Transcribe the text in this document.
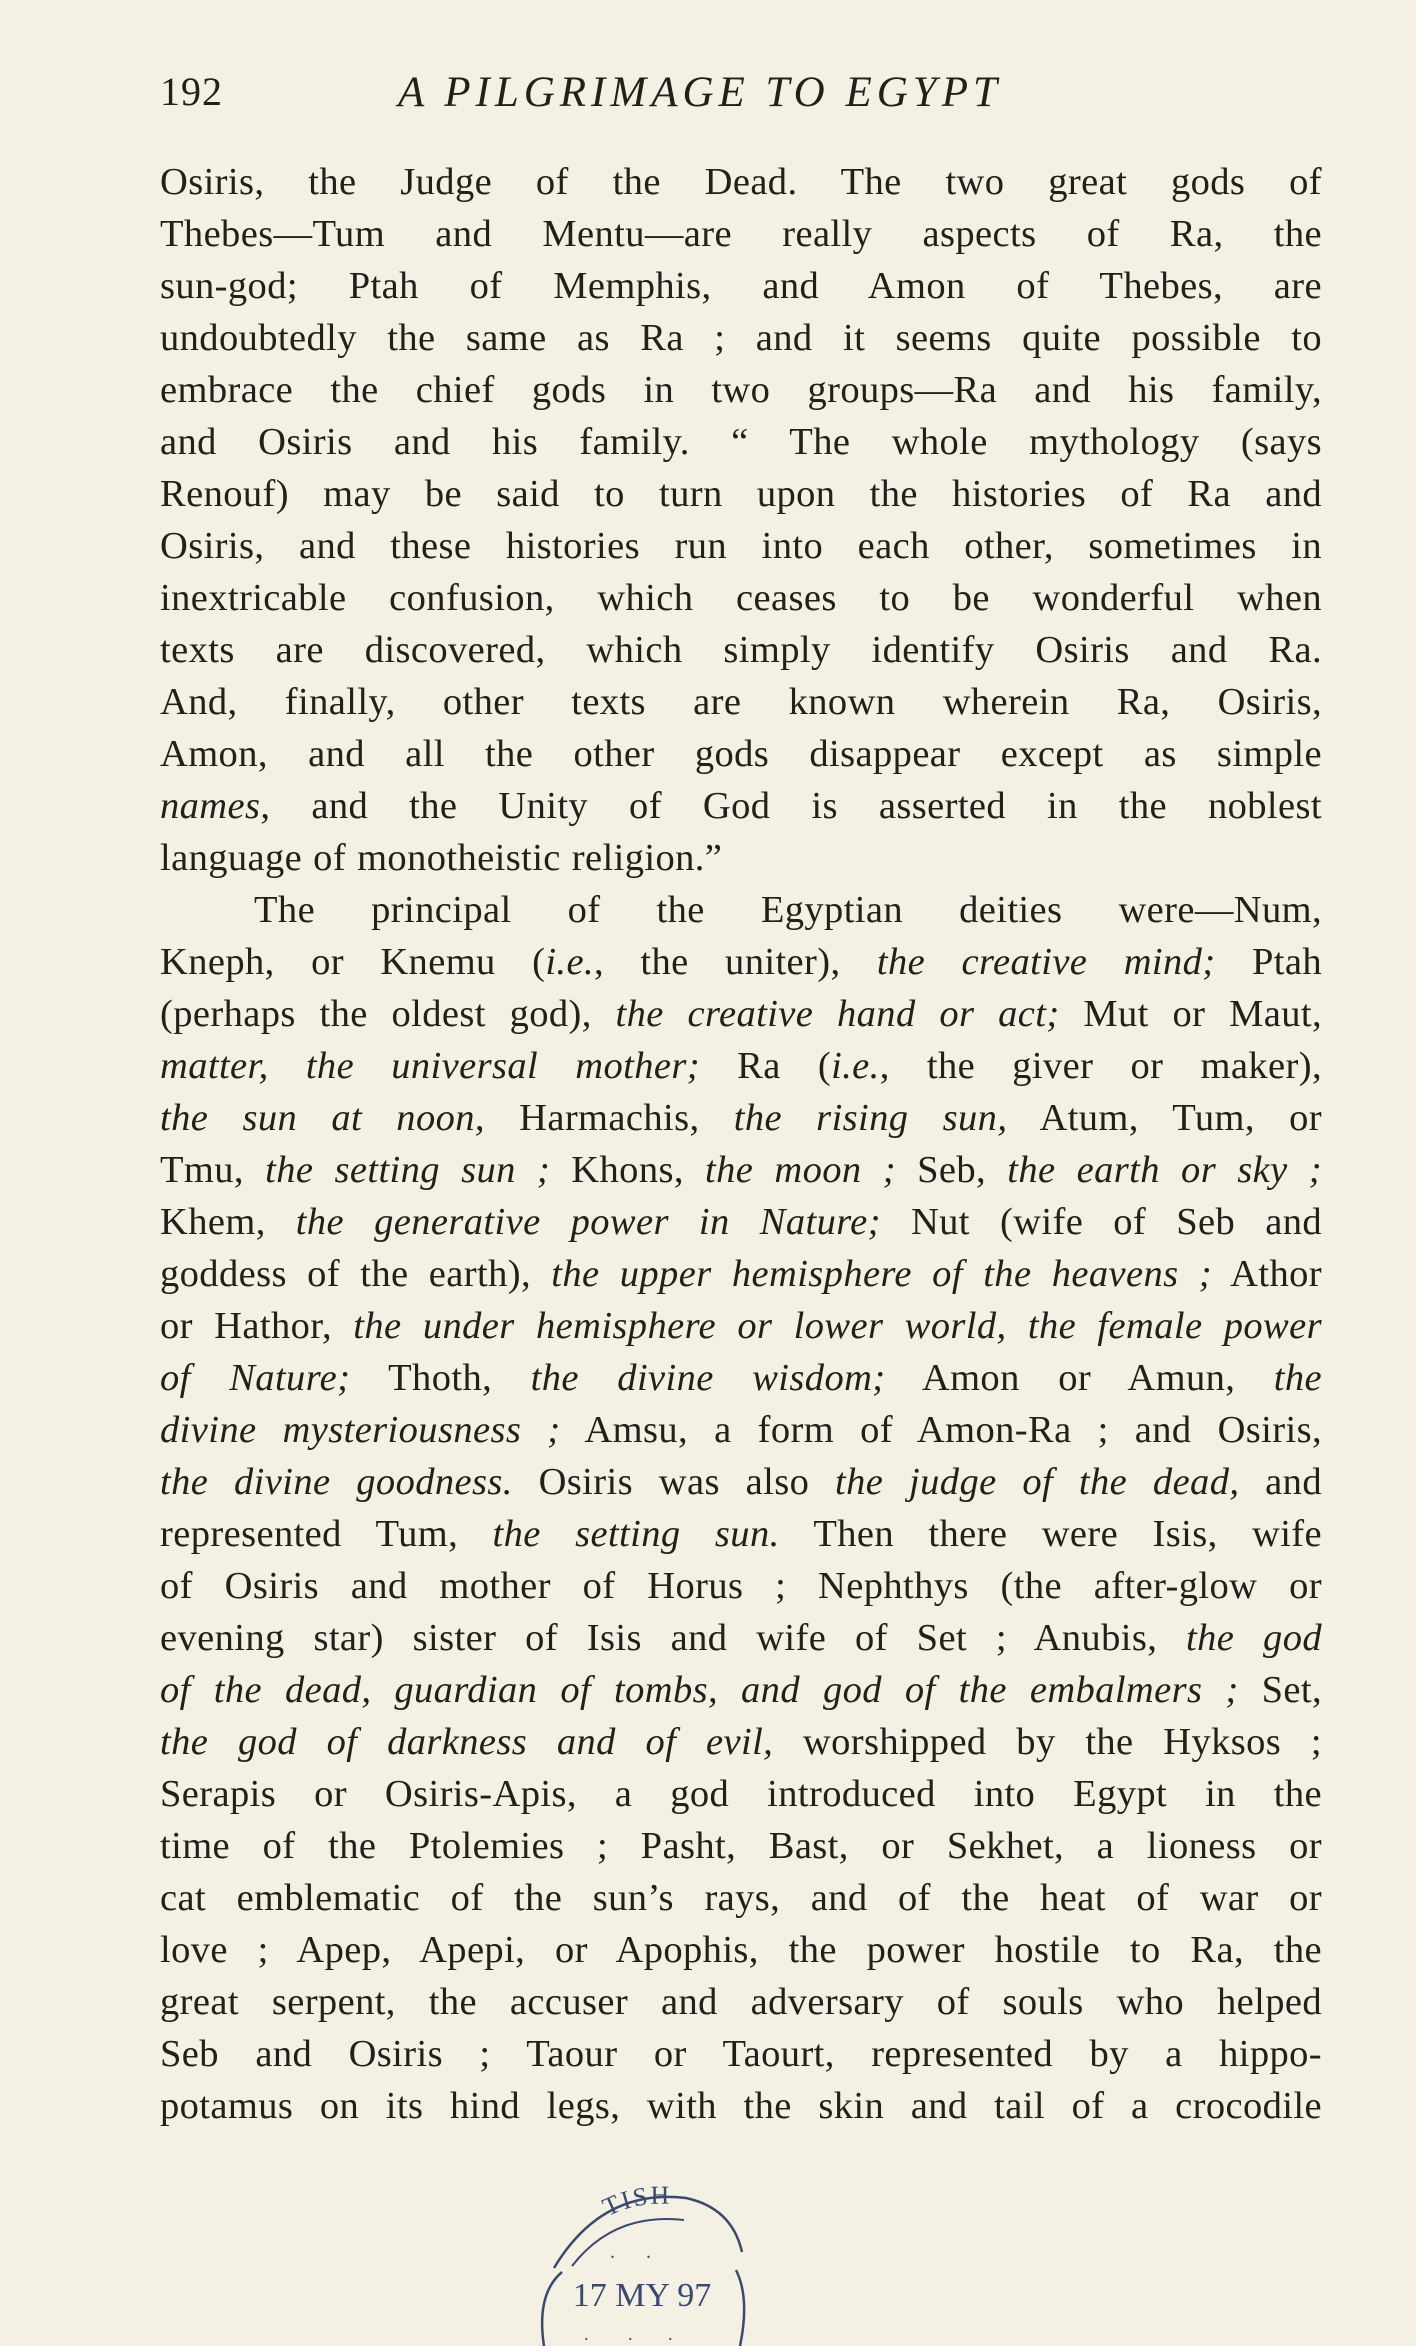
192	A PILGRIMAGE TO EGYPT
Osiris, the Judge of the Dead. The two great gods of
Thebes—Tum and Mentu—are really aspects of Ra, the
sun-god; Ptah of Memphis, and Amon of Thebes, are
undoubtedly the same as Ra ; and it seems quite possible to
embrace the chief gods in two groups—Ra and his family,
and Osiris and his family. “ The whole mythology (says
Renouf) may be said to turn upon the histories of Ra and
Osiris, and these histories run into each other, sometimes in
inextricable confusion, which ceases to be wonderful when
texts are discovered, which simply identify Osiris and Ra.
And, finally, other texts are known wherein Ra, Osiris,
Amon, and all the other gods disappear except as simple
names, and the Unity of God is asserted in the noblest
language of monotheistic religion.”
The principal of the Egyptian deities were—Num,
Kneph, or Knemu (i.e., the uniter), the creative mind; Ptah
(perhaps the oldest god), the creative hand or act; Mut or Maut,
matter, the universal mother; Ra (i.e., the giver or maker),
the sun at noon, Harmachis, the rising sun, Atum, Tum, or
Tmu, the setting sun ; Khons, the moon ; Seb, the earth or sky ;
Khem, the generative power in Nature; Nut (wife of Seb and
goddess of the earth), the upper hemisphere of the heavens ; Athor
or Hathor, the under hemisphere or lower world, the female power
of Nature; Thoth, the divine wisdom; Amon or Amun, the
divine mysteriousness ; Amsu, a form of Amon-Ra ; and Osiris,
the divine goodness. Osiris was also the judge of the dead, and
represented Tum, the setting sun. Then there were Isis, wife
of Osiris and mother of Horus ; Nephthys (the after-glow or
evening star) sister of Isis and wife of Set ; Anubis, the god
of the dead, guardian of tombs, and god of the embalmers ; Set,
the god of darkness and of evil, worshipped by the Hyksos ;
Serapis or Osiris-Apis, a god introduced into Egypt in the
time of the Ptolemies ; Pasht, Bast, or Sekhet, a lioness or
cat emblematic of the sun’s rays, and of the heat of war or
love ; Apep, Apepi, or Apophis, the power hostile to Ra, the
great serpent, the accuser and adversary of souls who helped
Seb and Osiris ; Taour or Taourt, represented by a hippo-
potamus on its hind legs, with the skin and tail of a crocodile
TISH
. .
17 MY 97
. . .
